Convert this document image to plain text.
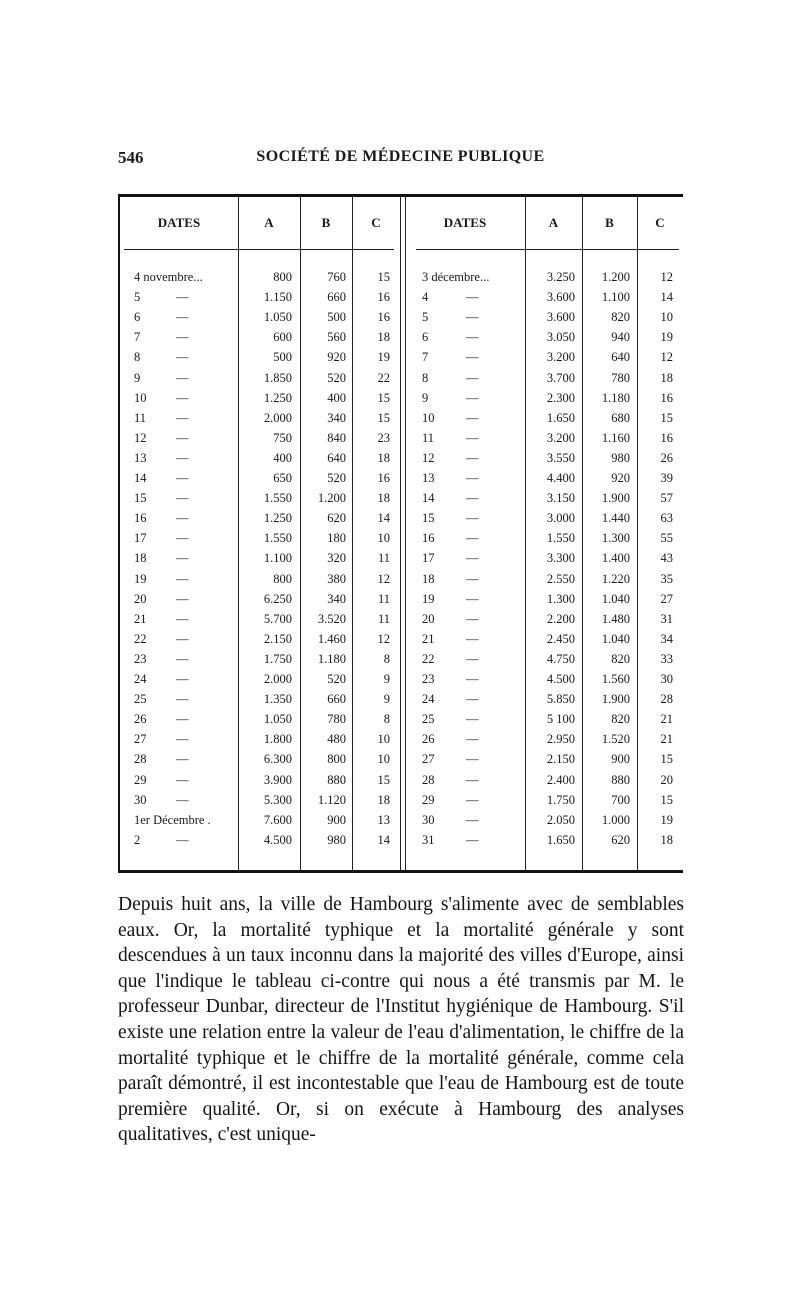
546	SOCIÉTÉ DE MÉDECINE PUBLIQUE
DATES	A	B	C	DATES	A	B	C
4 novembre...	800	760	15
5	—	1.150	660	16
6	—	1.050	500	16
7	—	600	560	18
8	—	500	920	19
9	—	1.850	520	22
10	—	1.250	400	15
11	—	2.000	340	15
12	—	750	840	23
13	—	400	640	18
14	—	650	520	16
15	—	1.550	1.200	18
16	—	1.250	620	14
17	—	1.550	180	10
18	—	1.100	320	11
19	—	800	380	12
20	—	6.250	340	11
21	—	5.700	3.520	11
22	—	2.150	1.460	12
23	—	1.750	1.180	8
24	—	2.000	520	9
25	—	1.350	660	9
26	—	1.050	780	8
27	—	1.800	480	10
28	—	6.300	800	10
29	—	3.900	880	15
30	—	5.300	1.120	18
1er Décembre .	7.600	900	13
2	—	4.500	980	14
3 décembre...	3.250	1.200	12
4	—	3.600	1.100	14
5	—	3.600	820	10
6	—	3.050	940	19
7	—	3.200	640	12
8	—	3.700	780	18
9	—	2.300	1.180	16
10	—	1.650	680	15
11	—	3.200	1.160	16
12	—	3.550	980	26
13	—	4.400	920	39
14	—	3.150	1.900	57
15	—	3.000	1.440	63
16	—	1.550	1.300	55
17	—	3.300	1.400	43
18	—	2.550	1.220	35
19	—	1.300	1.040	27
20	—	2.200	1.480	31
21	—	2.450	1.040	34
22	—	4.750	820	33
23	—	4.500	1.560	30
24	—	5.850	1.900	28
25	—	5 100	820	21
26	—	2.950	1.520	21
27	—	2.150	900	15
28	—	2.400	880	20
29	—	1.750	700	15
30	—	2.050	1.000	19
31	—	1.650	620	18
Depuis huit ans, la ville de Hambourg s'alimente avec de semblables eaux. Or, la mortalité typhique et la mortalité générale y sont descendues à un taux inconnu dans la majorité des villes d'Europe, ainsi que l'indique le tableau ci-contre qui nous a été transmis par M. le professeur Dunbar, directeur de l'Institut hygiénique de Hambourg. S'il existe une relation entre la valeur de l'eau d'alimentation, le chiffre de la mortalité typhique et le chiffre de la mortalité générale, comme cela paraît démontré, il est incontestable que l'eau de Hambourg est de toute première qualité. Or, si on exécute à Hambourg des analyses qualitatives, c'est unique-
